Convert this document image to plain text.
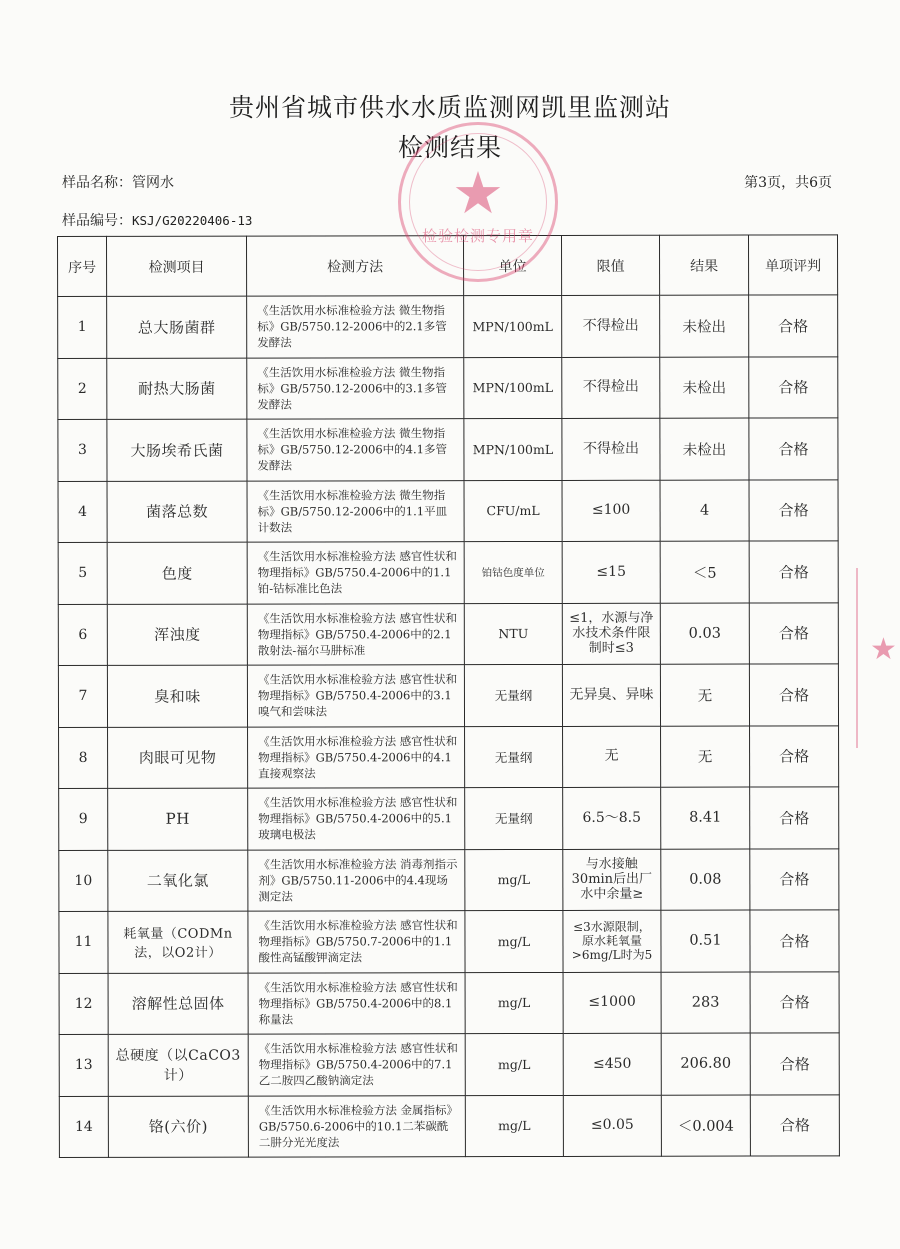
贵州省城市供水水质监测网凯里监测站
检测结果
样品名称：管网水	第3页，共6页
样品编号：KSJ/G20220406-13
序号	检测项目	检测方法	单位	限值	结果	单项评判
1	总大肠菌群	《生活饮用水标准检验方法 微生物指标》GB/5750.12-2006中的2.1多管发酵法	MPN/100mL	不得检出	未检出	合格
2	耐热大肠菌	《生活饮用水标准检验方法 微生物指标》GB/5750.12-2006中的3.1多管发酵法	MPN/100mL	不得检出	未检出	合格
3	大肠埃希氏菌	《生活饮用水标准检验方法 微生物指标》GB/5750.12-2006中的4.1多管发酵法	MPN/100mL	不得检出	未检出	合格
4	菌落总数	《生活饮用水标准检验方法 微生物指标》GB/5750.12-2006中的1.1平皿计数法	CFU/mL	≤100	4	合格
5	色度	《生活饮用水标准检验方法 感官性状和物理指标》GB/5750.4-2006中的1.1铂-钴标准比色法	铂钴色度单位	≤15	＜5	合格
6	浑浊度	《生活饮用水标准检验方法 感官性状和物理指标》GB/5750.4-2006中的2.1散射法-福尔马肼标准	NTU	≤1，水源与净水技术条件限制时≤3	0.03	合格
7	臭和味	《生活饮用水标准检验方法 感官性状和物理指标》GB/5750.4-2006中的3.1嗅气和尝味法	无量纲	无异臭、异味	无	合格
8	肉眼可见物	《生活饮用水标准检验方法 感官性状和物理指标》GB/5750.4-2006中的4.1直接观察法	无量纲	无	无	合格
9	PH	《生活饮用水标准检验方法 感官性状和物理指标》GB/5750.4-2006中的5.1玻璃电极法	无量纲	6.5～8.5	8.41	合格
10	二氧化氯	《生活饮用水标准检验方法 消毒剂指示剂》GB/5750.11-2006中的4.4现场测定法	mg/L	与水接触30min后出厂水中余量≥	0.08	合格
11	耗氧量（CODMn法，以O2计）	《生活饮用水标准检验方法 感官性状和物理指标》GB/5750.7-2006中的1.1酸性高锰酸钾滴定法	mg/L	≤3水源限制，原水耗氧量>6mg/L时为5	0.51	合格
12	溶解性总固体	《生活饮用水标准检验方法 感官性状和物理指标》GB/5750.4-2006中的8.1称量法	mg/L	≤1000	283	合格
13	总硬度（以CaCO3计）	《生活饮用水标准检验方法 感官性状和物理指标》GB/5750.4-2006中的7.1乙二胺四乙酸钠滴定法	mg/L	≤450	206.80	合格
14	铬(六价)	《生活饮用水标准检验方法 金属指标》GB/5750.6-2006中的10.1二苯碳酰二肼分光光度法	mg/L	≤0.05	＜0.004	合格
★
检验检测专用章
★
